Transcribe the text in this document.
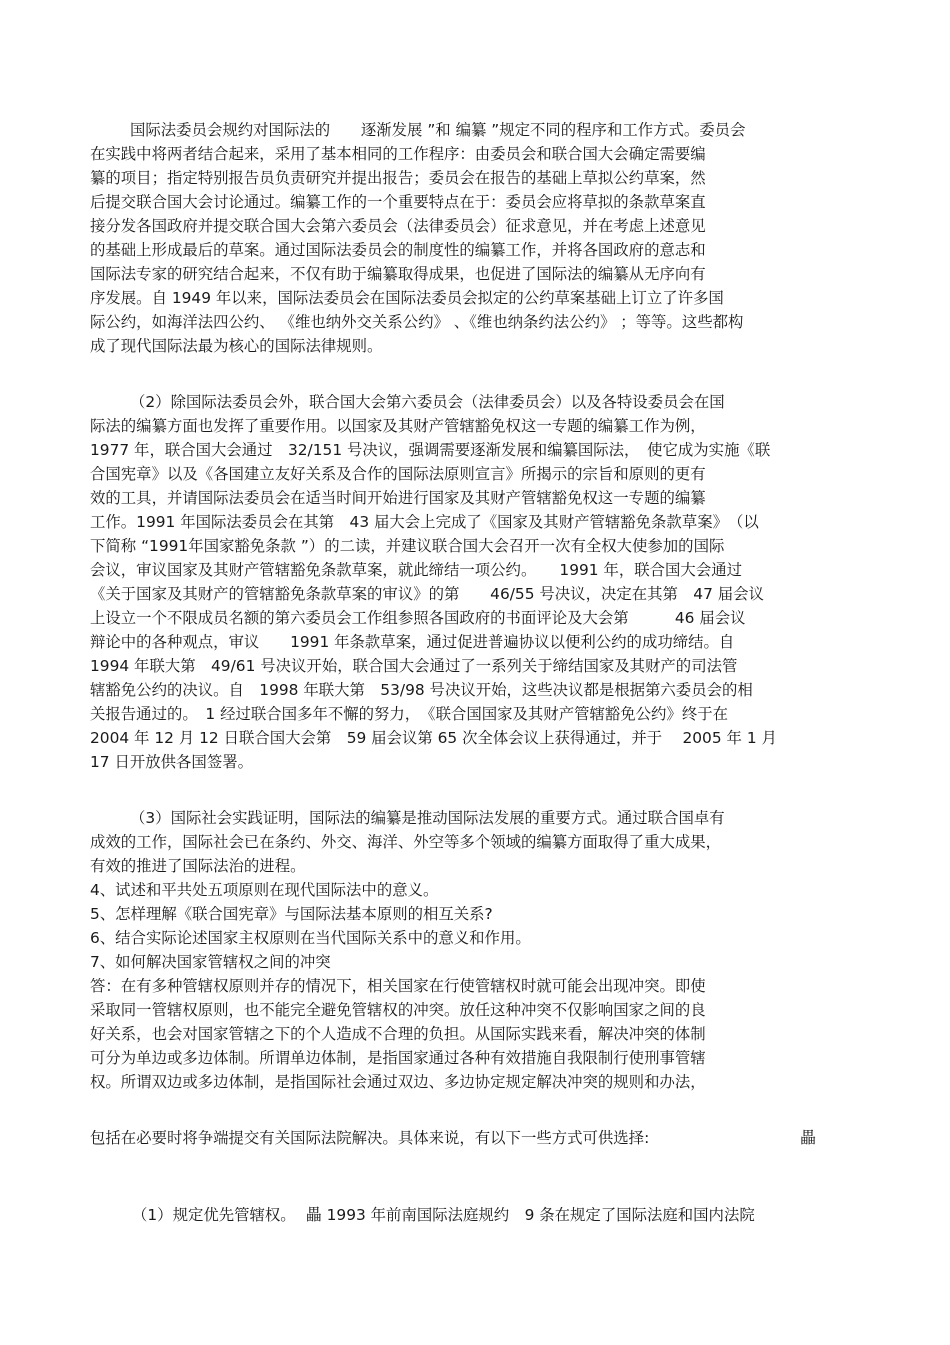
国际法委员会规约对国际法的　　逐渐发展 ”和 编纂 ”规定不同的程序和工作方式。委员会
在实践中将两者结合起来，采用了基本相同的工作程序：由委员会和联合国大会确定需要编
纂的项目；指定特别报告员负责研究并提出报告；委员会在报告的基础上草拟公约草案，然
后提交联合国大会讨论通过。编纂工作的一个重要特点在于：委员会应将草拟的条款草案直
接分发各国政府并提交联合国大会第六委员会（法律委员会）征求意见，并在考虑上述意见
的基础上形成最后的草案。通过国际法委员会的制度性的编纂工作，并将各国政府的意志和
国际法专家的研究结合起来，不仅有助于编纂取得成果，也促进了国际法的编纂从无序向有
序发展。自 1949 年以来，国际法委员会在国际法委员会拟定的公约草案基础上订立了许多国
际公约，如海洋法四公约、 《维也纳外交关系公约》 、《维也纳条约法公约》 ；等等。这些都构
成了现代国际法最为核心的国际法律规则。
（2）除国际法委员会外，联合国大会第六委员会（法律委员会）以及各特设委员会在国
际法的编纂方面也发挥了重要作用。以国家及其财产管辖豁免权这一专题的编纂工作为例，
1977 年，联合国大会通过　32/151 号决议，强调需要逐渐发展和编纂国际法，　使它成为实施《联
合国宪章》以及《各国建立友好关系及合作的国际法原则宣言》所揭示的宗旨和原则的更有
效的工具，并请国际法委员会在适当时间开始进行国家及其财产管辖豁免权这一专题的编纂
工作。1991 年国际法委员会在其第　43 届大会上完成了《国家及其财产管辖豁免条款草案》　（以
下简称 “1991年国家豁免条款 ”）的二读，并建议联合国大会召开一次有全权大使参加的国际
会议，审议国家及其财产管辖豁免条款草案，就此缔结一项公约。　　1991 年，联合国大会通过
《关于国家及其财产的管辖豁免条款草案的审议》的第　　46/55 号决议，决定在其第　47 届会议
上设立一个不限成员名额的第六委员会工作组参照各国政府的书面评论及大会第　　　46 届会议
辩论中的各种观点，审议　　1991 年条款草案，通过促进普遍协议以便利公约的成功缔结。自
1994 年联大第　49/61 号决议开始，联合国大会通过了一系列关于缔结国家及其财产的司法管
辖豁免公约的决议。自　1998 年联大第　53/98 号决议开始，这些决议都是根据第六委员会的相
关报告通过的。　1 经过联合国多年不懈的努力，　《联合国国家及其财产管辖豁免公约》终于在
2004 年 12 月 12 日联合国大会第　59 届会议第 65 次全体会议上获得通过，并于　 2005 年 1 月
17 日开放供各国签署。
（3）国际社会实践证明，国际法的编纂是推动国际法发展的重要方式。通过联合国卓有
成效的工作，国际社会已在条约、外交、海洋、外空等多个领域的编纂方面取得了重大成果，
有效的推进了国际法治的进程。
4、试述和平共处五项原则在现代国际法中的意义。
5、怎样理解《联合国宪章》与国际法基本原则的相互关系?
6、结合实际论述国家主权原则在当代国际关系中的意义和作用。
7、如何解决国家管辖权之间的冲突
答：在有多种管辖权原则并存的情况下，相关国家在行使管辖权时就可能会出现冲突。即使
采取同一管辖权原则，也不能完全避免管辖权的冲突。放任这种冲突不仅影响国家之间的良
好关系，也会对国家管辖之下的个人造成不合理的负担。从国际实践来看，解决冲突的体制
可分为单边或多边体制。所谓单边体制，是指国家通过各种有效措施自我限制行使刑事管辖
权。所谓双边或多边体制，是指国际社会通过双边、多边协定规定解决冲突的规则和办法，
包括在必要时将争端提交有关国际法院解决。具体来说，有以下一些方式可供选择:	畾
（1）规定优先管辖权。 畾 1993 年前南国际法庭规约　9 条在规定了国际法庭和国内法院
